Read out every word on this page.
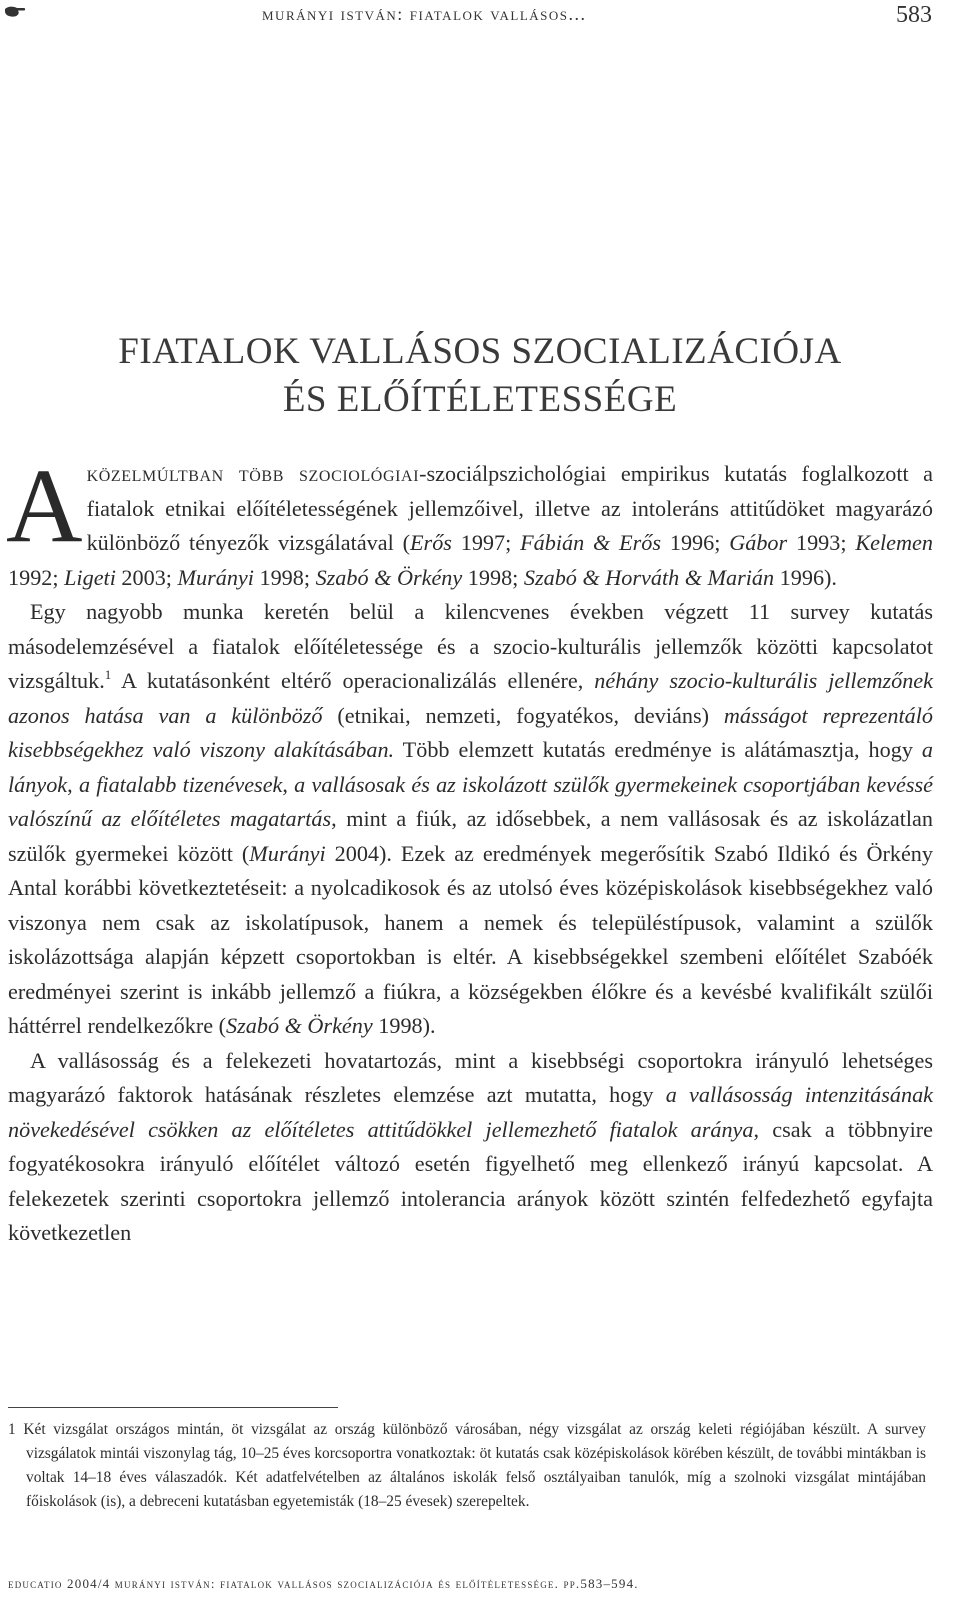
murányi istván: fiatalok vallásos...	583
FIATALOK VALLÁSOS SZOCIALIZÁCIÓJA
ÉS ELŐÍTÉLETESSÉGE

Aközelmúltban több szociológiai-szociálpszichológiai empirikus kutatás foglalkozott a fiatalok etnikai előítéletességének jellemzőivel, illetve az intoleráns attitűdöket magyarázó különböző tényezők vizsgálatával (Erős 1997; Fábián & Erős 1996; Gábor 1993; Kelemen 1992; Ligeti 2003; Murányi 1998; Szabó & Örkény 1998; Szabó & Horváth & Marián 1996).

Egy nagyobb munka keretén belül a kilencvenes években végzett 11 survey kutatás másodelemzésével a fiatalok előítéletessége és a szocio-kulturális jellemzők közötti kapcsolatot vizsgáltuk.$^1$ A kutatásonként eltérő operacionalizálás ellenére, néhány szocio-kulturális jellemzőnek azonos hatása van a különböző (etnikai, nemzeti, fogyatékos, deviáns) másságot reprezentáló kisebbségekhez való viszony alakításában. Több elemzett kutatás eredménye is alátámasztja, hogy a lányok, a fiatalabb tizenévesek, a vallásosak és az iskolázott szülők gyermekeinek csoportjában kevéssé valószínű az előítéletes magatartás, mint a fiúk, az idősebbek, a nem vallásosak és az iskolázatlan szülők gyermekei között (Murányi 2004). Ezek az eredmények megerősítik Szabó Ildikó és Örkény Antal korábbi következtetéseit: a nyolcadikosok és az utolsó éves középiskolások kisebbségekhez való viszonya nem csak az iskolatípusok, hanem a nemek és településtípusok, valamint a szülők iskolázottsága alapján képzett csoportokban is eltér. A kisebbségekkel szembeni előítélet Szabóék eredményei szerint is inkább jellemző a fiúkra, a községekben élőkre és a kevésbé kvalifikált szülői háttérrel rendelkezőkre (Szabó & Örkény 1998).

A vallásosság és a felekezeti hovatartozás, mint a kisebbségi csoportokra irányuló lehetséges magyarázó faktorok hatásának részletes elemzése azt mutatta, hogy a vallásosság intenzitásának növekedésével csökken az előítéletes attitűdökkel jellemezhető fiatalok aránya, csak a többnyire fogyatékosokra irányuló előítélet változó esetén figyelhető meg ellenkező irányú kapcsolat. A felekezetek szerinti csoportokra jellemző intolerancia arányok között szintén felfedezhető egyfajta következetlen

1 Két vizsgálat országos mintán, öt vizsgálat az ország különböző városában, négy vizsgálat az ország keleti régiójában készült. A survey vizsgálatok mintái viszonylag tág, 10–25 éves korcsoportra vonatkoztak: öt kutatás csak középiskolások körében készült, de további mintákban is voltak 14–18 éves válaszadók. Két adatfelvételben az általános iskolák felső osztályaiban tanulók, míg a szolnoki vizsgálat mintájában főiskolások (is), a debreceni kutatásban egyetemisták (18–25 évesek) szerepeltek.

educatio 2004/4 murányi istván: fiatalok vallásos szocializációja és előítéletessége. pp.583–594.
